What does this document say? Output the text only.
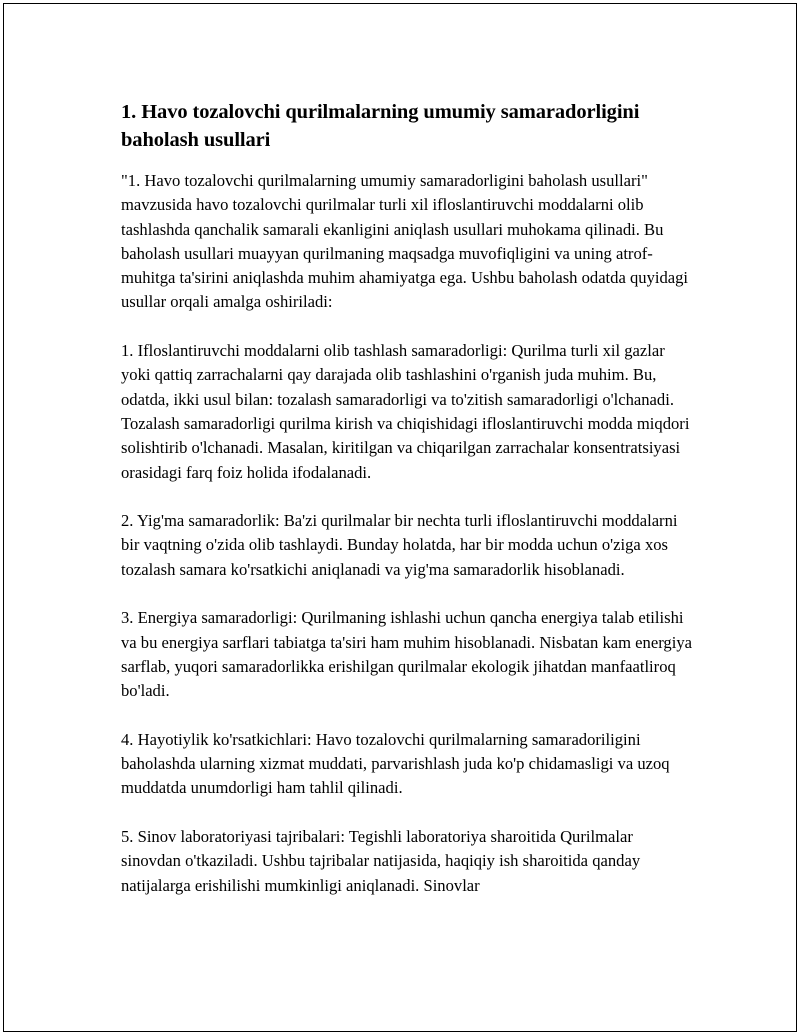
1. Havo tozalovchi qurilmalarning umumiy samaradorligini baholash usullari

"1. Havo tozalovchi qurilmalarning umumiy samaradorligini baholash usullari" mavzusida havo tozalovchi qurilmalar turli xil ifloslantiruvchi moddalarni olib tashlashda qanchalik samarali ekanligini aniqlash usullari muhokama qilinadi. Bu baholash usullari muayyan qurilmaning maqsadga muvofiqligini va uning atrof-muhitga ta'sirini aniqlashda muhim ahamiyatga ega. Ushbu baholash odatda quyidagi usullar orqali amalga oshiriladi:

1. Ifloslantiruvchi moddalarni olib tashlash samaradorligi: Qurilma turli xil gazlar yoki qattiq zarrachalarni qay darajada olib tashlashini o'rganish juda muhim. Bu, odatda, ikki usul bilan: tozalash samaradorligi va to'zitish samaradorligi o'lchanadi. Tozalash samaradorligi qurilma kirish va chiqishidagi ifloslantiruvchi modda miqdori solishtirib o'lchanadi. Masalan, kiritilgan va chiqarilgan zarrachalar konsentratsiyasi orasidagi farq foiz holida ifodalanadi.

2. Yig'ma samaradorlik: Ba'zi qurilmalar bir nechta turli ifloslantiruvchi moddalarni bir vaqtning o'zida olib tashlaydi. Bunday holatda, har bir modda uchun o'ziga xos tozalash samara ko'rsatkichi aniqlanadi va yig'ma samaradorlik hisoblanadi.

3. Energiya samaradorligi: Qurilmaning ishlashi uchun qancha energiya talab etilishi va bu energiya sarflari tabiatga ta'siri ham muhim hisoblanadi. Nisbatan kam energiya sarflab, yuqori samaradorlikka erishilgan qurilmalar ekologik jihatdan manfaatliroq bo'ladi.

4. Hayotiylik ko'rsatkichlari: Havo tozalovchi qurilmalarning samaradoriligini baholashda ularning xizmat muddati, parvarishlash juda ko'p chidamasligi va uzoq muddatda unumdorligi ham tahlil qilinadi.

5. Sinov laboratoriyasi tajribalari: Tegishli laboratoriya sharoitida Qurilmalar sinovdan o'tkaziladi. Ushbu tajribalar natijasida, haqiqiy ish sharoitida qanday natijalarga erishilishi mumkinligi aniqlanadi. Sinovlar
